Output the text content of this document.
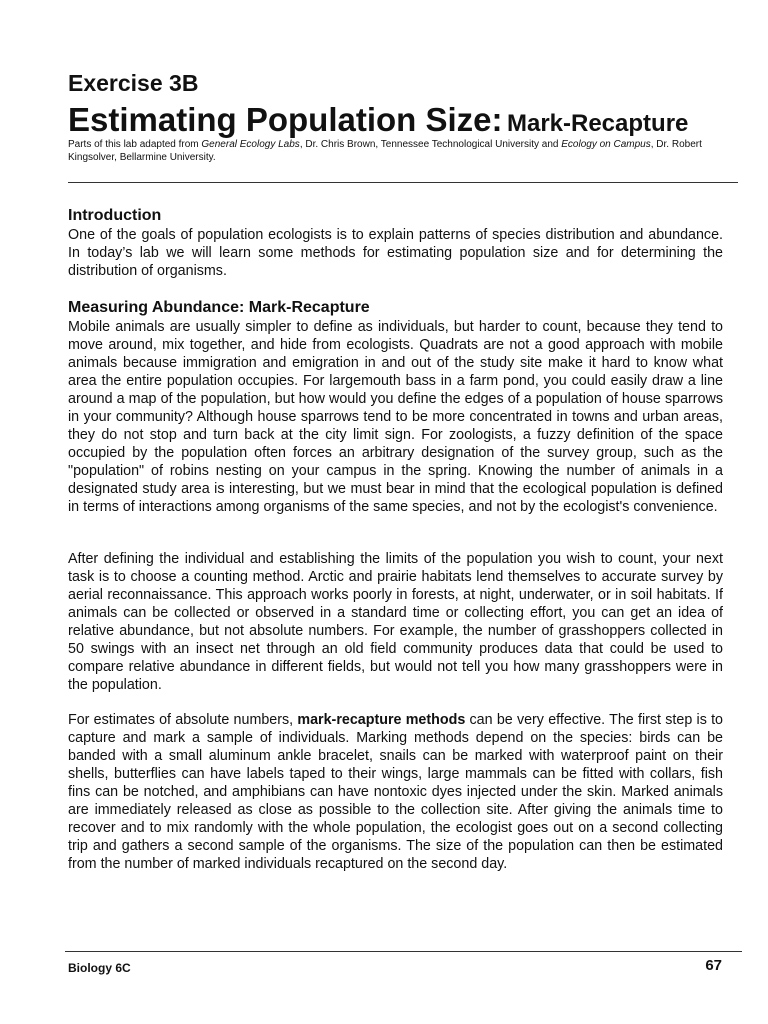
Exercise 3B
Estimating Population Size: Mark-Recapture
Parts of this lab adapted from General Ecology Labs, Dr. Chris Brown, Tennessee Technological University and Ecology on Campus, Dr. Robert Kingsolver, Bellarmine University.
Introduction
One of the goals of population ecologists is to explain patterns of species distribution and abundance. In today’s lab we will learn some methods for estimating population size and for determining the distribution of organisms.
Measuring Abundance: Mark-Recapture
Mobile animals are usually simpler to define as individuals, but harder to count, because they tend to move around, mix together, and hide from ecologists. Quadrats are not a good approach with mobile animals because immigration and emigration in and out of the study site make it hard to know what area the entire population occupies. For largemouth bass in a farm pond, you could easily draw a line around a map of the population, but how would you define the edges of a population of house sparrows in your community? Although house sparrows tend to be more concentrated in towns and urban areas, they do not stop and turn back at the city limit sign. For zoologists, a fuzzy definition of the space occupied by the population often forces an arbitrary designation of the survey group, such as the "population" of robins nesting on your campus in the spring. Knowing the number of animals in a designated study area is interesting, but we must bear in mind that the ecological population is defined in terms of interactions among organisms of the same species, and not by the ecologist's convenience.
After defining the individual and establishing the limits of the population you wish to count, your next task is to choose a counting method. Arctic and prairie habitats lend themselves to accurate survey by aerial reconnaissance. This approach works poorly in forests, at night, underwater, or in soil habitats. If animals can be collected or observed in a standard time or collecting effort, you can get an idea of relative abundance, but not absolute numbers. For example, the number of grasshoppers collected in 50 swings with an insect net through an old field community produces data that could be used to compare relative abundance in different fields, but would not tell you how many grasshoppers were in the population.
For estimates of absolute numbers, mark-recapture methods can be very effective. The first step is to capture and mark a sample of individuals. Marking methods depend on the species: birds can be banded with a small aluminum ankle bracelet, snails can be marked with waterproof paint on their shells, butterflies can have labels taped to their wings, large mammals can be fitted with collars, fish fins can be notched, and amphibians can have nontoxic dyes injected under the skin. Marked animals are immediately released as close as possible to the collection site. After giving the animals time to recover and to mix randomly with the whole population, the ecologist goes out on a second collecting trip and gathers a second sample of the organisms. The size of the population can then be estimated from the number of marked individuals recaptured on the second day.
Biology 6C	67
